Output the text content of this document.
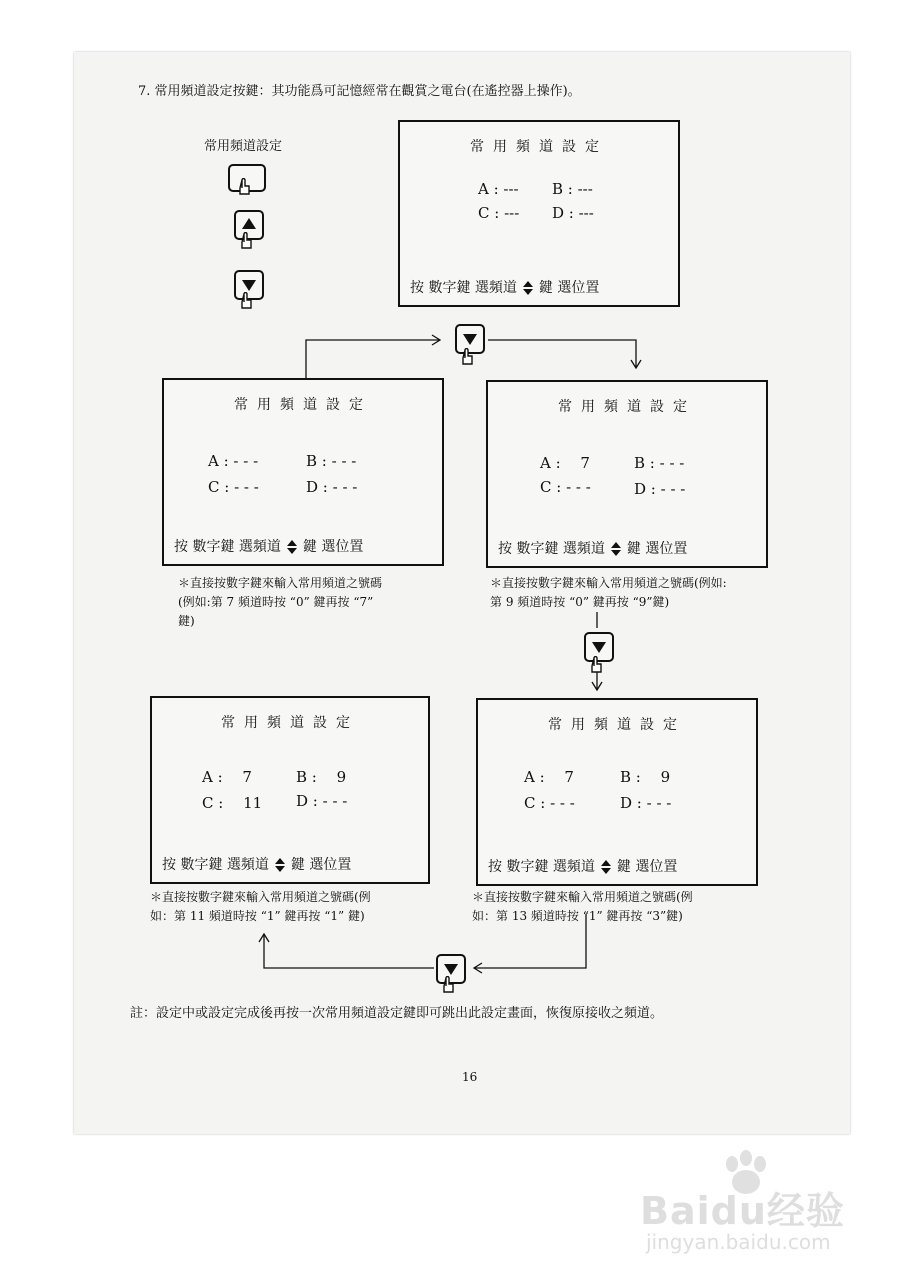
7. 常用頻道設定按鍵：其功能爲可記憶經常在觀賞之電台(在遙控器上操作)。
常用頻道設定	常用頻道設定
A : --- B : ---
C : --- D : ---
按 數字鍵 選頻道 鍵 選位置
常用頻道設定
A : - - -	B : - - -
C : - - -	D : - - -
按 數字鍵 選頻道 鍵 選位置
常用頻道設定
A :　 7	B : - - -
C : - - -	D : - - -
按 數字鍵 選頻道 鍵 選位置
常用頻道設定
A :　 7	B :　 9
C :　 11 D : - - -
按 數字鍵 選頻道 鍵 選位置
常用頻道設定
A :　 7	B :　 9
C : - - -	D : - - -
按 數字鍵 選頻道 鍵 選位置
＊直接按數字鍵來輸入常用頻道之號碼
(例如:第 7 頻道時按 “0” 鍵再按 “7”
鍵)
＊直接按數字鍵來輸入常用頻道之號碼(例如:
第 9 頻道時按 “0” 鍵再按 “9”鍵)
＊直接按數字鍵來輸入常用頻道之號碼(例
如：第 11 頻道時按 “1” 鍵再按 “1” 鍵)
＊直接按數字鍵來輸入常用頻道之號碼(例
如：第 13 頻道時按 “1” 鍵再按 “3”鍵)
註：設定中或設定完成後再按一次常用頻道設定鍵即可跳出此設定畫面，恢復原接收之頻道。
16
Baidu经验
jingyan.baidu.com
